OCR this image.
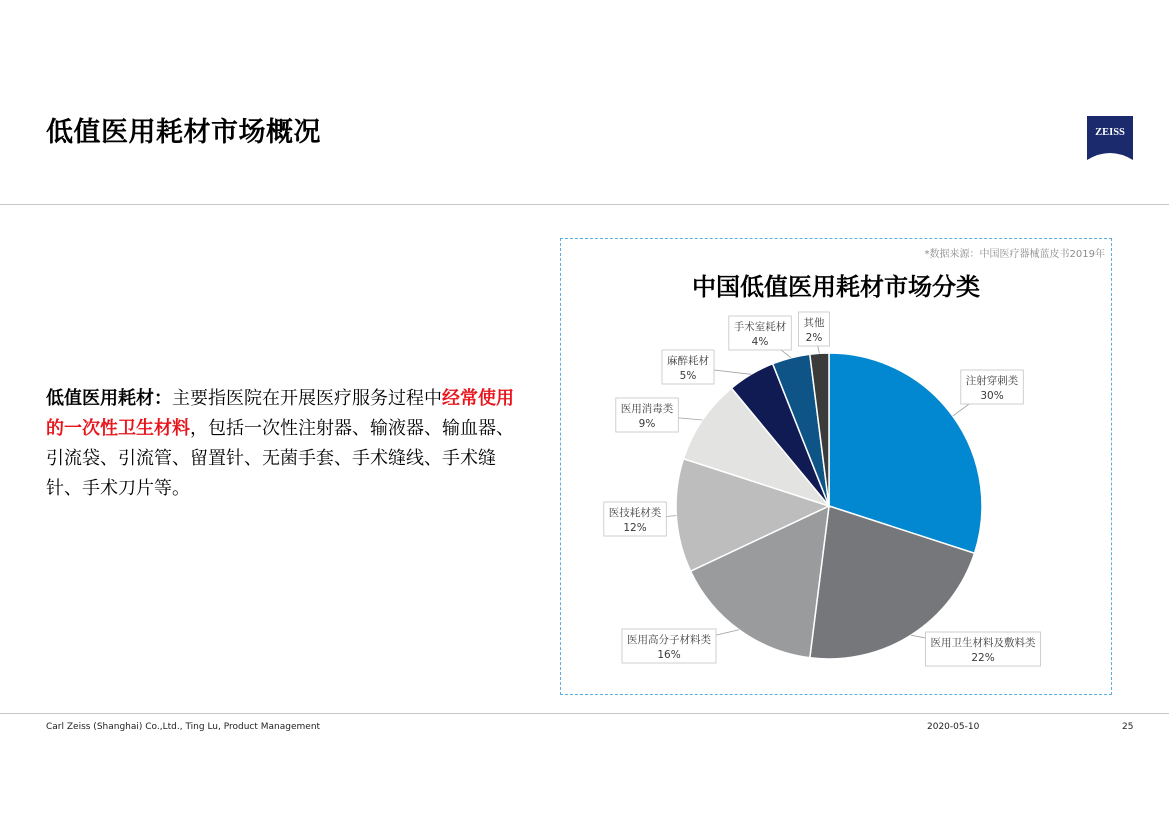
低值医用耗材市场概况	ZEISS
低值医用耗材：主要指医院在开展医疗服务过程中经常使用的一次性卫生材料，包括一次性注射器、输液器、输血器、引流袋、引流管、留置针、无菌手套、手术缝线、手术缝针、手术刀片等。
注射穿刺类
30%
医用卫生材料及敷料类
22%
医用高分子材料类
16%
医技耗材类
12%
医用消毒类
9%
麻醉耗材
5%
手术室耗材
4%
其他
2%
*数据来源：中国医疗器械蓝皮书2019年
中国低值医用耗材市场分类
Carl Zeiss (Shanghai) Co.,Ltd., Ting Lu, Product Management	2020-05-10	25
